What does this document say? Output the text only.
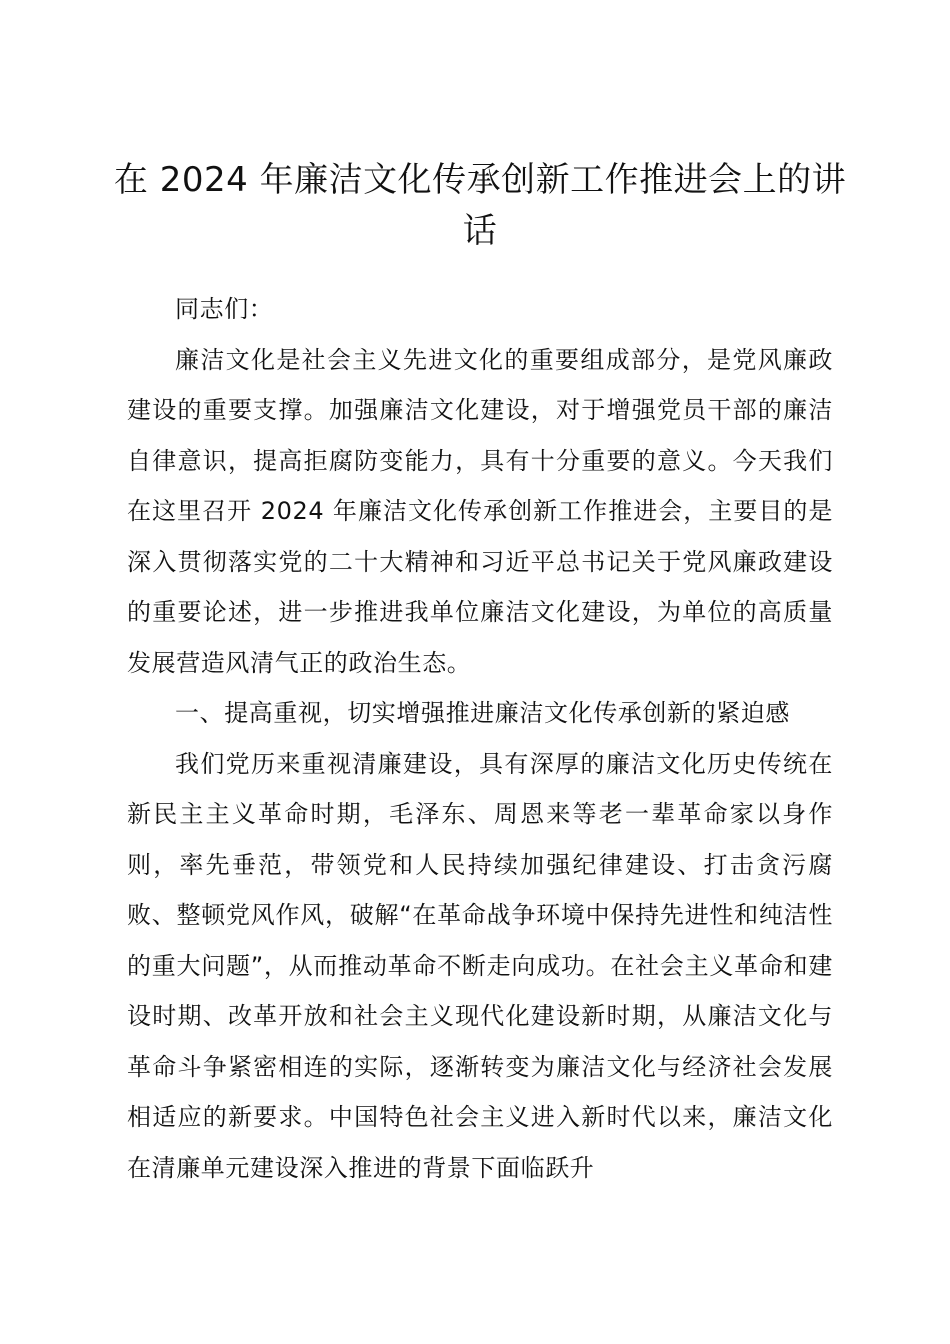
在 2024 年廉洁文化传承创新工作推进会上的讲话

同志们：

廉洁文化是社会主义先进文化的重要组成部分，是党风廉政建设的重要支撑。加强廉洁文化建设，对于增强党员干部的廉洁自律意识，提高拒腐防变能力，具有十分重要的意义。今天我们在这里召开 2024 年廉洁文化传承创新工作推进会，主要目的是深入贯彻落实党的二十大精神和习近平总书记关于党风廉政建设的重要论述，进一步推进我单位廉洁文化建设，为单位的高质量发展营造风清气正的政治生态。

一、提高重视，切实增强推进廉洁文化传承创新的紧迫感

我们党历来重视清廉建设，具有深厚的廉洁文化历史传统在新民主主义革命时期，毛泽东、周恩来等老一辈革命家以身作则，率先垂范，带领党和人民持续加强纪律建设、打击贪污腐败、整顿党风作风，破解“在革命战争环境中保持先进性和纯洁性的重大问题”，从而推动革命不断走向成功。在社会主义革命和建设时期、改革开放和社会主义现代化建设新时期，从廉洁文化与革命斗争紧密相连的实际，逐渐转变为廉洁文化与经济社会发展相适应的新要求。中国特色社会主义进入新时代以来，廉洁文化在清廉单元建设深入推进的背景下面临跃升
